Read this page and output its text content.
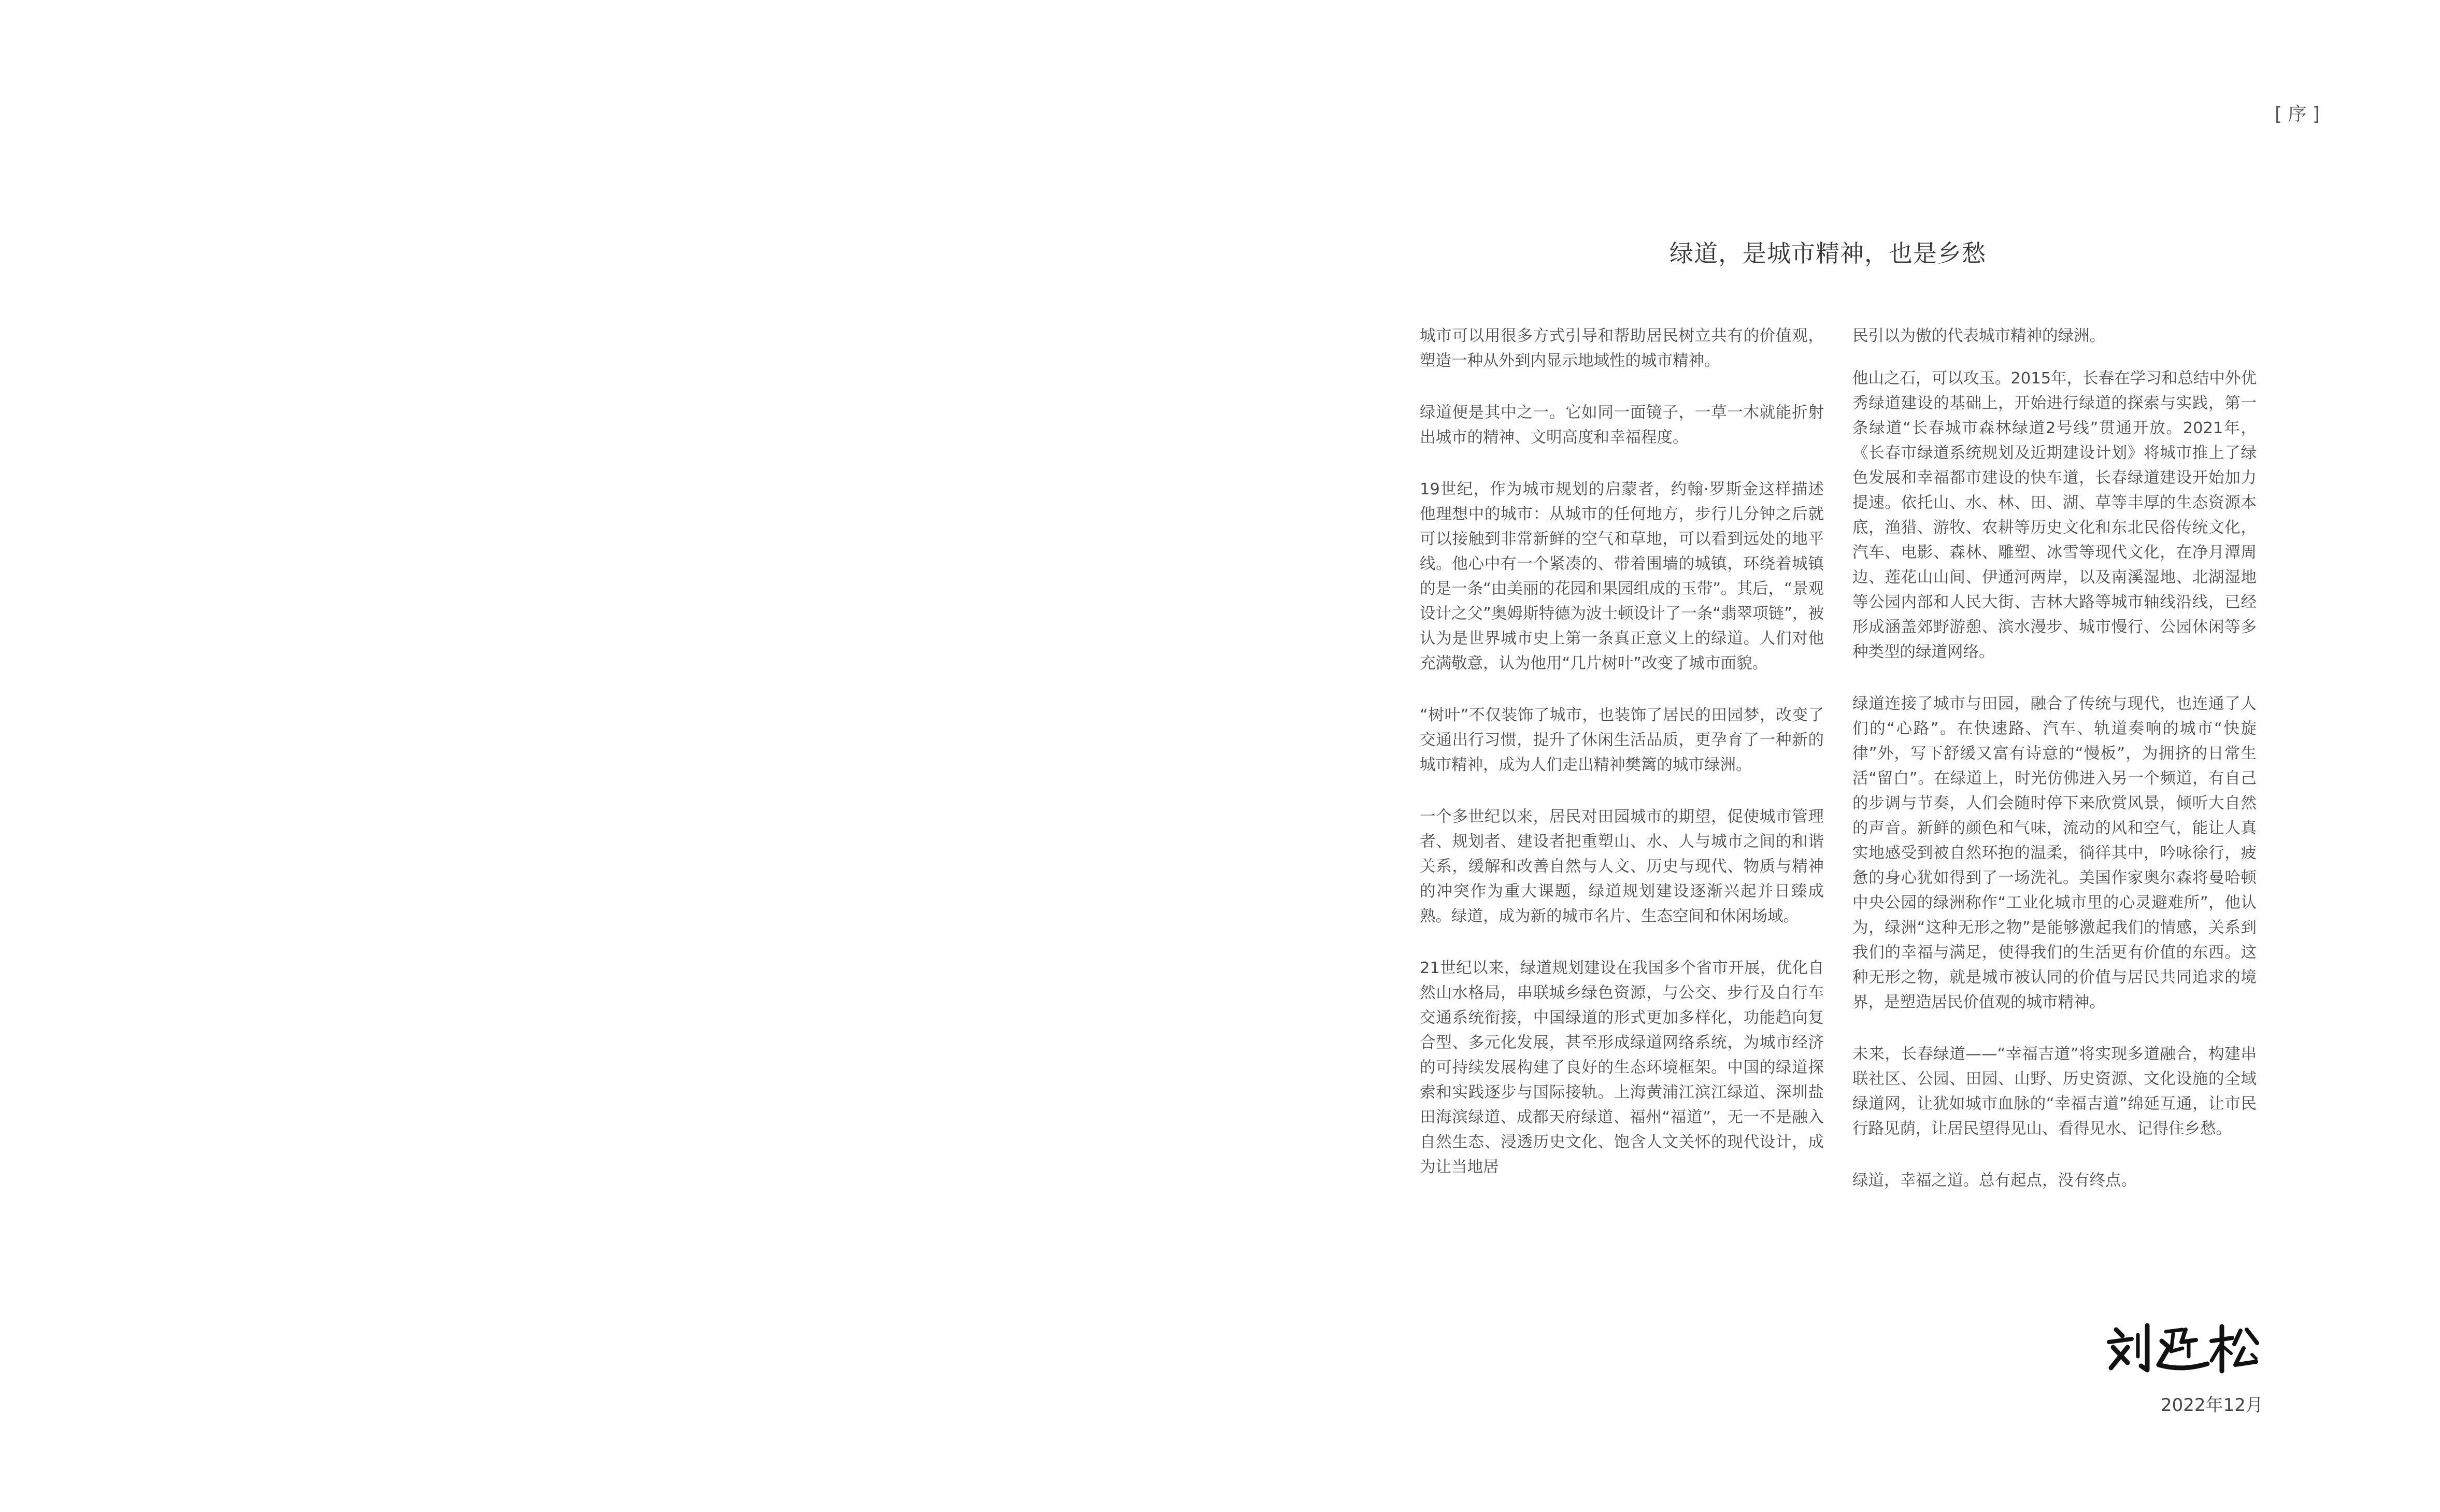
[ 序 ]
绿道，是城市精神，也是乡愁

城市可以用很多方式引导和帮助居民树立共有的价值观，塑造一种从外到内显示地域性的城市精神。

绿道便是其中之一。它如同一面镜子，一草一木就能折射出城市的精神、文明高度和幸福程度。

19世纪，作为城市规划的启蒙者，约翰·罗斯金这样描述他理想中的城市：从城市的任何地方，步行几分钟之后就可以接触到非常新鲜的空气和草地，可以看到远处的地平线。他心中有一个紧凑的、带着围墙的城镇，环绕着城镇的是一条“由美丽的花园和果园组成的玉带”。其后，“景观设计之父”奥姆斯特德为波士顿设计了一条“翡翠项链”，被认为是世界城市史上第一条真正意义上的绿道。人们对他充满敬意，认为他用“几片树叶”改变了城市面貌。

“树叶”不仅装饰了城市，也装饰了居民的田园梦，改变了交通出行习惯，提升了休闲生活品质，更孕育了一种新的城市精神，成为人们走出精神樊篱的城市绿洲。

一个多世纪以来，居民对田园城市的期望，促使城市管理者、规划者、建设者把重塑山、水、人与城市之间的和谐关系，缓解和改善自然与人文、历史与现代、物质与精神的冲突作为重大课题，绿道规划建设逐渐兴起并日臻成熟。绿道，成为新的城市名片、生态空间和休闲场域。

21世纪以来，绿道规划建设在我国多个省市开展，优化自然山水格局，串联城乡绿色资源，与公交、步行及自行车交通系统衔接，中国绿道的形式更加多样化，功能趋向复合型、多元化发展，甚至形成绿道网络系统，为城市经济的可持续发展构建了良好的生态环境框架。中国的绿道探索和实践逐步与国际接轨。上海黄浦江滨江绿道、深圳盐田海滨绿道、成都天府绿道、福州“福道”，无一不是融入自然生态、浸透历史文化、饱含人文关怀的现代设计，成为让当地居

民引以为傲的代表城市精神的绿洲。

他山之石，可以攻玉。2015年，长春在学习和总结中外优秀绿道建设的基础上，开始进行绿道的探索与实践，第一条绿道“长春城市森林绿道2号线”贯通开放。2021年，《长春市绿道系统规划及近期建设计划》将城市推上了绿色发展和幸福都市建设的快车道，长春绿道建设开始加力提速。依托山、水、林、田、湖、草等丰厚的生态资源本底，渔猎、游牧、农耕等历史文化和东北民俗传统文化，汽车、电影、森林、雕塑、冰雪等现代文化，在净月潭周边、莲花山山间、伊通河两岸，以及南溪湿地、北湖湿地等公园内部和人民大街、吉林大路等城市轴线沿线，已经形成涵盖郊野游憩、滨水漫步、城市慢行、公园休闲等多种类型的绿道网络。

绿道连接了城市与田园，融合了传统与现代，也连通了人们的“心路”。在快速路、汽车、轨道奏响的城市“快旋律”外，写下舒缓又富有诗意的“慢板”，为拥挤的日常生活“留白”。在绿道上，时光仿佛进入另一个频道，有自己的步调与节奏，人们会随时停下来欣赏风景，倾听大自然的声音。新鲜的颜色和气味，流动的风和空气，能让人真实地感受到被自然环抱的温柔，徜徉其中，吟咏徐行，疲惫的身心犹如得到了一场洗礼。美国作家奥尔森将曼哈顿中央公园的绿洲称作“工业化城市里的心灵避难所”，他认为，绿洲“这种无形之物”是能够激起我们的情感，关系到我们的幸福与满足，使得我们的生活更有价值的东西。这种无形之物，就是城市被认同的价值与居民共同追求的境界，是塑造居民价值观的城市精神。

未来，长春绿道——“幸福吉道”将实现多道融合，构建串联社区、公园、田园、山野、历史资源、文化设施的全域绿道网，让犹如城市血脉的“幸福吉道”绵延互通，让市民行路见荫，让居民望得见山、看得见水、记得住乡愁。

绿道，幸福之道。总有起点，没有终点。

2022年12月
